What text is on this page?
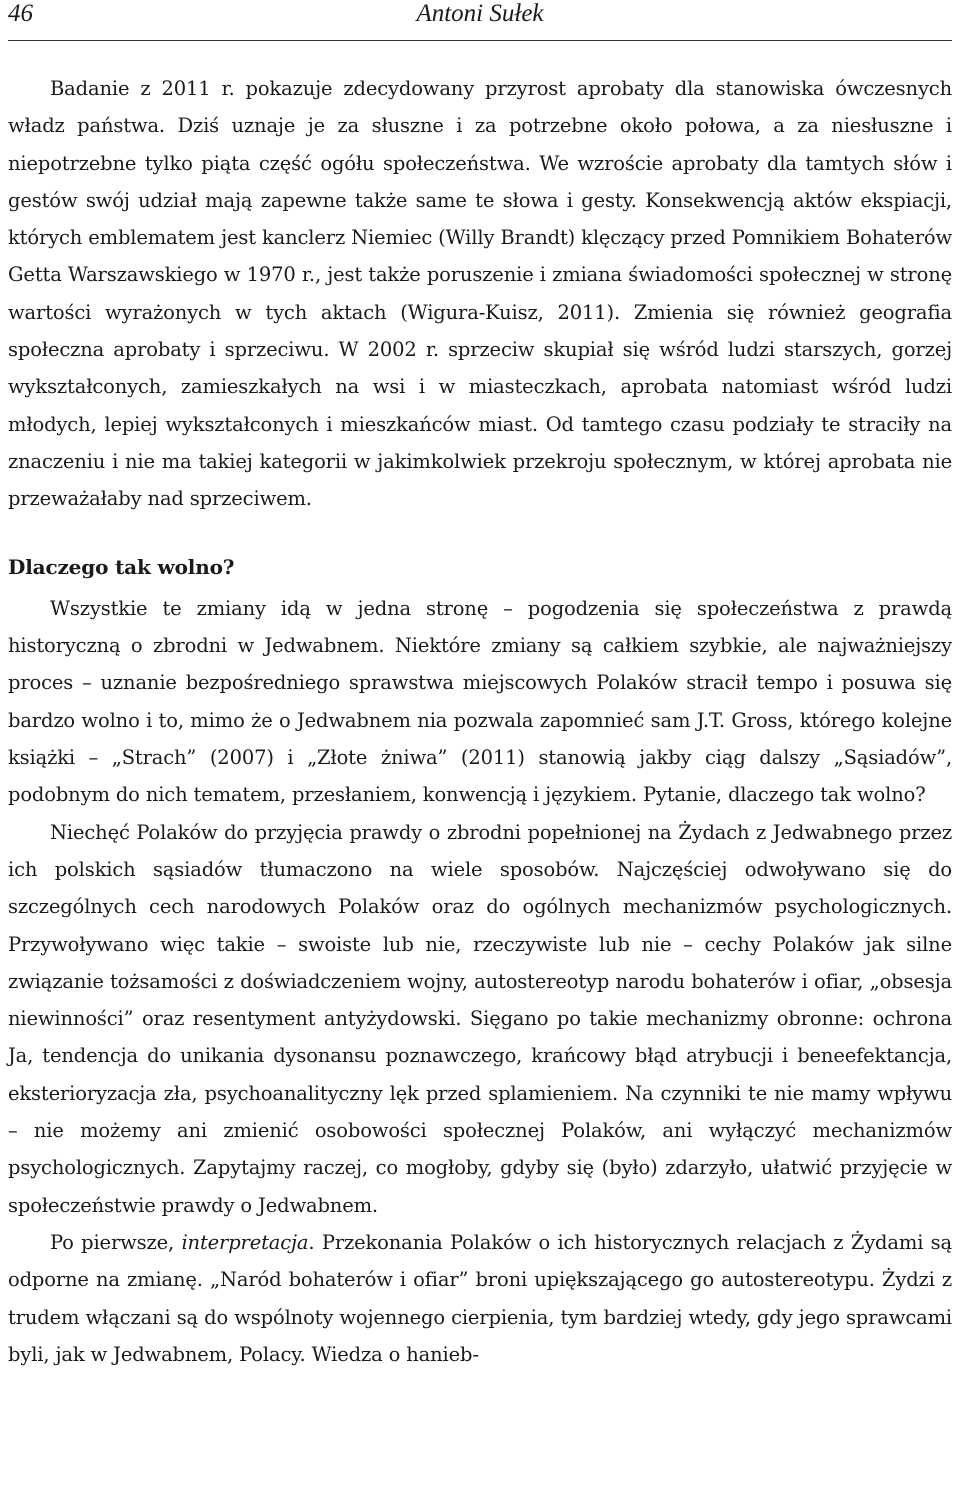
46	Antoni Sułek

Badanie z 2011 r. pokazuje zdecydowany przyrost aprobaty dla stanowiska ówczesnych władz państwa. Dziś uznaje je za słuszne i za potrzebne około połowa, a za niesłuszne i niepotrzebne tylko piąta część ogółu społeczeństwa. We wzroście aprobaty dla tamtych słów i gestów swój udział mają zapewne także same te słowa i gesty. Konsekwencją aktów ekspiacji, których emblematem jest kanclerz Niemiec (Willy Brandt) klęczący przed Pomnikiem Bohaterów Getta Warszawskiego w 1970 r., jest także poruszenie i zmiana świadomości społecznej w stronę wartości wyrażonych w tych aktach (Wigura-Kuisz, 2011). Zmienia się również geografia społeczna aprobaty i sprzeciwu. W 2002 r. sprzeciw skupiał się wśród ludzi starszych, gorzej wykształconych, zamieszkałych na wsi i w miasteczkach, aprobata natomiast wśród ludzi młodych, lepiej wykształconych i mieszkańców miast. Od tamtego czasu podziały te straciły na znaczeniu i nie ma takiej kategorii w jakimkolwiek przekroju społecznym, w której aprobata nie przeważałaby nad sprzeciwem.

Dlaczego tak wolno?

Wszystkie te zmiany idą w jedna stronę – pogodzenia się społeczeństwa z prawdą historyczną o zbrodni w Jedwabnem. Niektóre zmiany są całkiem szybkie, ale najważniejszy proces – uznanie bezpośredniego sprawstwa miejscowych Polaków stracił tempo i posuwa się bardzo wolno i to, mimo że o Jedwabnem nia pozwala zapomnieć sam J.T. Gross, którego kolejne książki – „Strach” (2007) i „Złote żniwa” (2011) stanowią jakby ciąg dalszy „Sąsiadów”, podobnym do nich tematem, przesłaniem, konwencją i językiem. Pytanie, dlaczego tak wolno?

Niechęć Polaków do przyjęcia prawdy o zbrodni popełnionej na Żydach z Jedwabnego przez ich polskich sąsiadów tłumaczono na wiele sposobów. Najczęściej odwoływano się do szczególnych cech narodowych Polaków oraz do ogólnych mechanizmów psychologicznych. Przywoływano więc takie – swoiste lub nie, rzeczywiste lub nie – cechy Polaków jak silne związanie tożsamości z doświadczeniem wojny, autostereotyp narodu bohaterów i ofiar, „obsesja niewinności” oraz resentyment antyżydowski. Sięgano po takie mechanizmy obronne: ochrona Ja, tendencja do unikania dysonansu poznawczego, krańcowy błąd atrybucji i beneefektancja, eksterioryzacja zła, psychoanalityczny lęk przed splamieniem. Na czynniki te nie mamy wpływu – nie możemy ani zmienić osobowości społecznej Polaków, ani wyłączyć mechanizmów psychologicznych. Zapytajmy raczej, co mogłoby, gdyby się (było) zdarzyło, ułatwić przyjęcie w społeczeństwie prawdy o Jedwabnem.

Po pierwsze, interpretacja. Przekonania Polaków o ich historycznych relacjach z Żydami są odporne na zmianę. „Naród bohaterów i ofiar” broni upiększającego go autostereotypu. Żydzi z trudem włączani są do wspólnoty wojennego cierpienia, tym bardziej wtedy, gdy jego sprawcami byli, jak w Jedwabnem, Polacy. Wiedza o hanieb-
